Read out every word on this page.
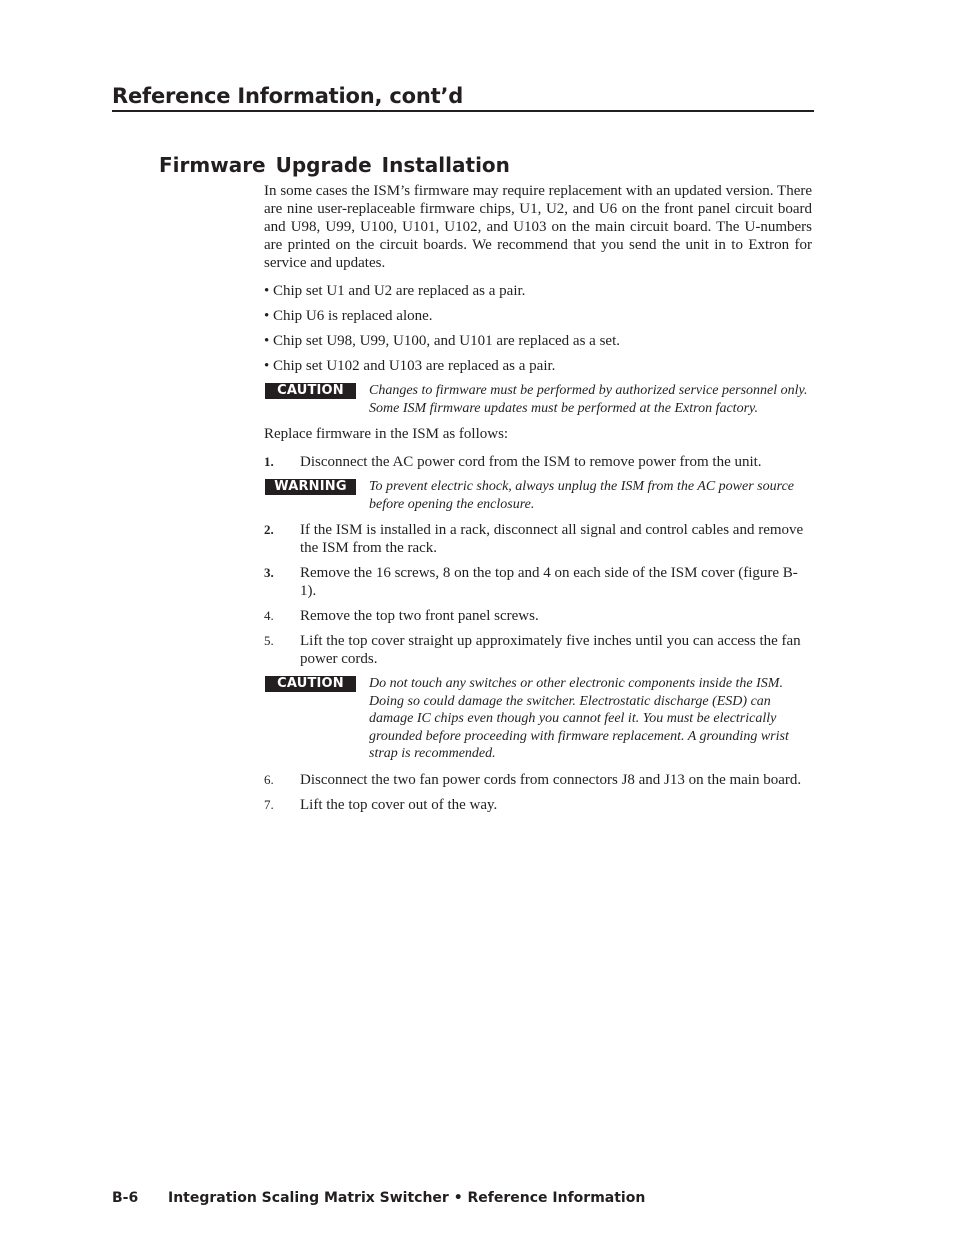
Reference Information, cont’d
Firmware Upgrade Installation

In some cases the ISM’s firmware may require replacement with an updated version. There are nine user-replaceable firmware chips, U1, U2, and U6 on the front panel circuit board and U98, U99, U100, U101, U102, and U103 on the main circuit board. The U-numbers are printed on the circuit boards. We recommend that you send the unit in to Extron for service and updates.

• Chip set U1 and U2 are replaced as a pair.
• Chip U6 is replaced alone.
• Chip set U98, U99, U100, and U101 are replaced as a set.
• Chip set U102 and U103 are replaced as a pair.
CAUTION	Changes to firmware must be performed by authorized service personnel only. Some ISM firmware updates must be performed at the Extron factory.

Replace firmware in the ISM as follows:

1. Disconnect the AC power cord from the ISM to remove power from the unit.
WARNING	To prevent electric shock, always unplug the ISM from the AC power source before opening the enclosure.

2. If the ISM is installed in a rack, disconnect all signal and control cables and remove the ISM from the rack.
3. Remove the 16 screws, 8 on the top and 4 on each side of the ISM cover (figure B-1).
4. Remove the top two front panel screws.
5. Lift the top cover straight up approximately five inches until you can access the fan power cords.
CAUTION	Do not touch any switches or other electronic components inside the ISM. Doing so could damage the switcher. Electrostatic discharge (ESD) can damage IC chips even though you cannot feel it. You must be electrically grounded before proceeding with firmware replacement. A grounding wrist strap is recommended.

6. Disconnect the two fan power cords from connectors J8 and J13 on the main board.
7. Lift the top cover out of the way.
B-6 Integration Scaling Matrix Switcher • Reference Information
